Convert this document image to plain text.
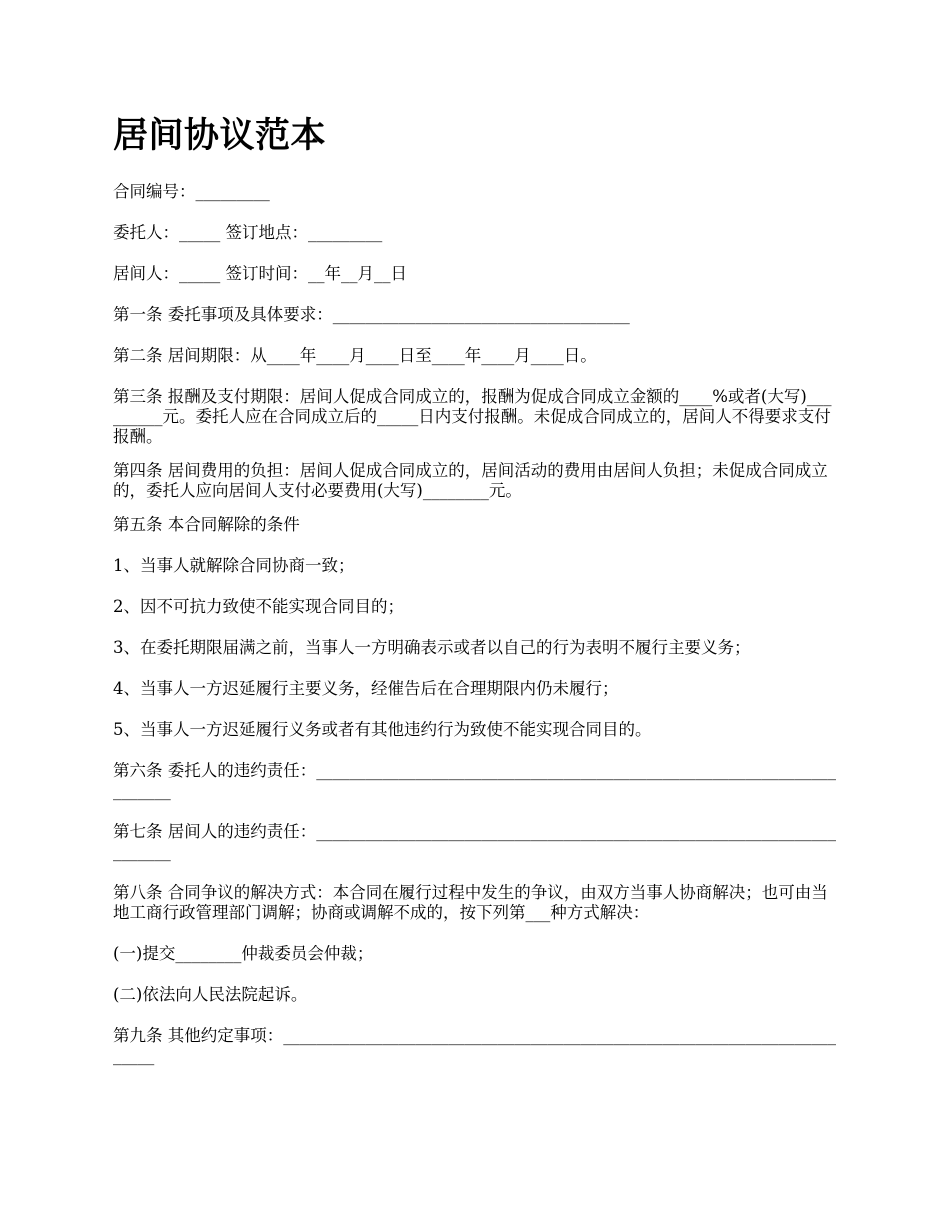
居间协议范本

合同编号：_________

委托人：_____ 签订地点：_________

居间人：_____ 签订时间：__年__月__日

第一条 委托事项及具体要求：____________________________________

第二条 居间期限：从____年____月____日至____年____月____日。

第三条 报酬及支付期限：居间人促成合同成立的，报酬为促成合同成立金额的____%或者(大写)_________元。委托人应在合同成立后的_____日内支付报酬。未促成合同成立的，居间人不得要求支付报酬。

第四条 居间费用的负担：居间人促成合同成立的，居间活动的费用由居间人负担；未促成合同成立的，委托人应向居间人支付必要费用(大写)________元。

第五条 本合同解除的条件

1、当事人就解除合同协商一致；

2、因不可抗力致使不能实现合同目的；

3、在委托期限届满之前，当事人一方明确表示或者以自己的行为表明不履行主要义务；

4、当事人一方迟延履行主要义务，经催告后在合理期限内仍未履行；

5、当事人一方迟延履行义务或者有其他违约行为致使不能实现合同目的。

第六条 委托人的违约责任：______________________________________________________________________

第七条 居间人的违约责任：______________________________________________________________________

第八条 合同争议的解决方式：本合同在履行过程中发生的争议，由双方当事人协商解决；也可由当地工商行政管理部门调解；协商或调解不成的，按下列第___种方式解决：

(一)提交________仲裁委员会仲裁；

(二)依法向人民法院起诉。

第九条 其他约定事项：________________________________________________________________________
